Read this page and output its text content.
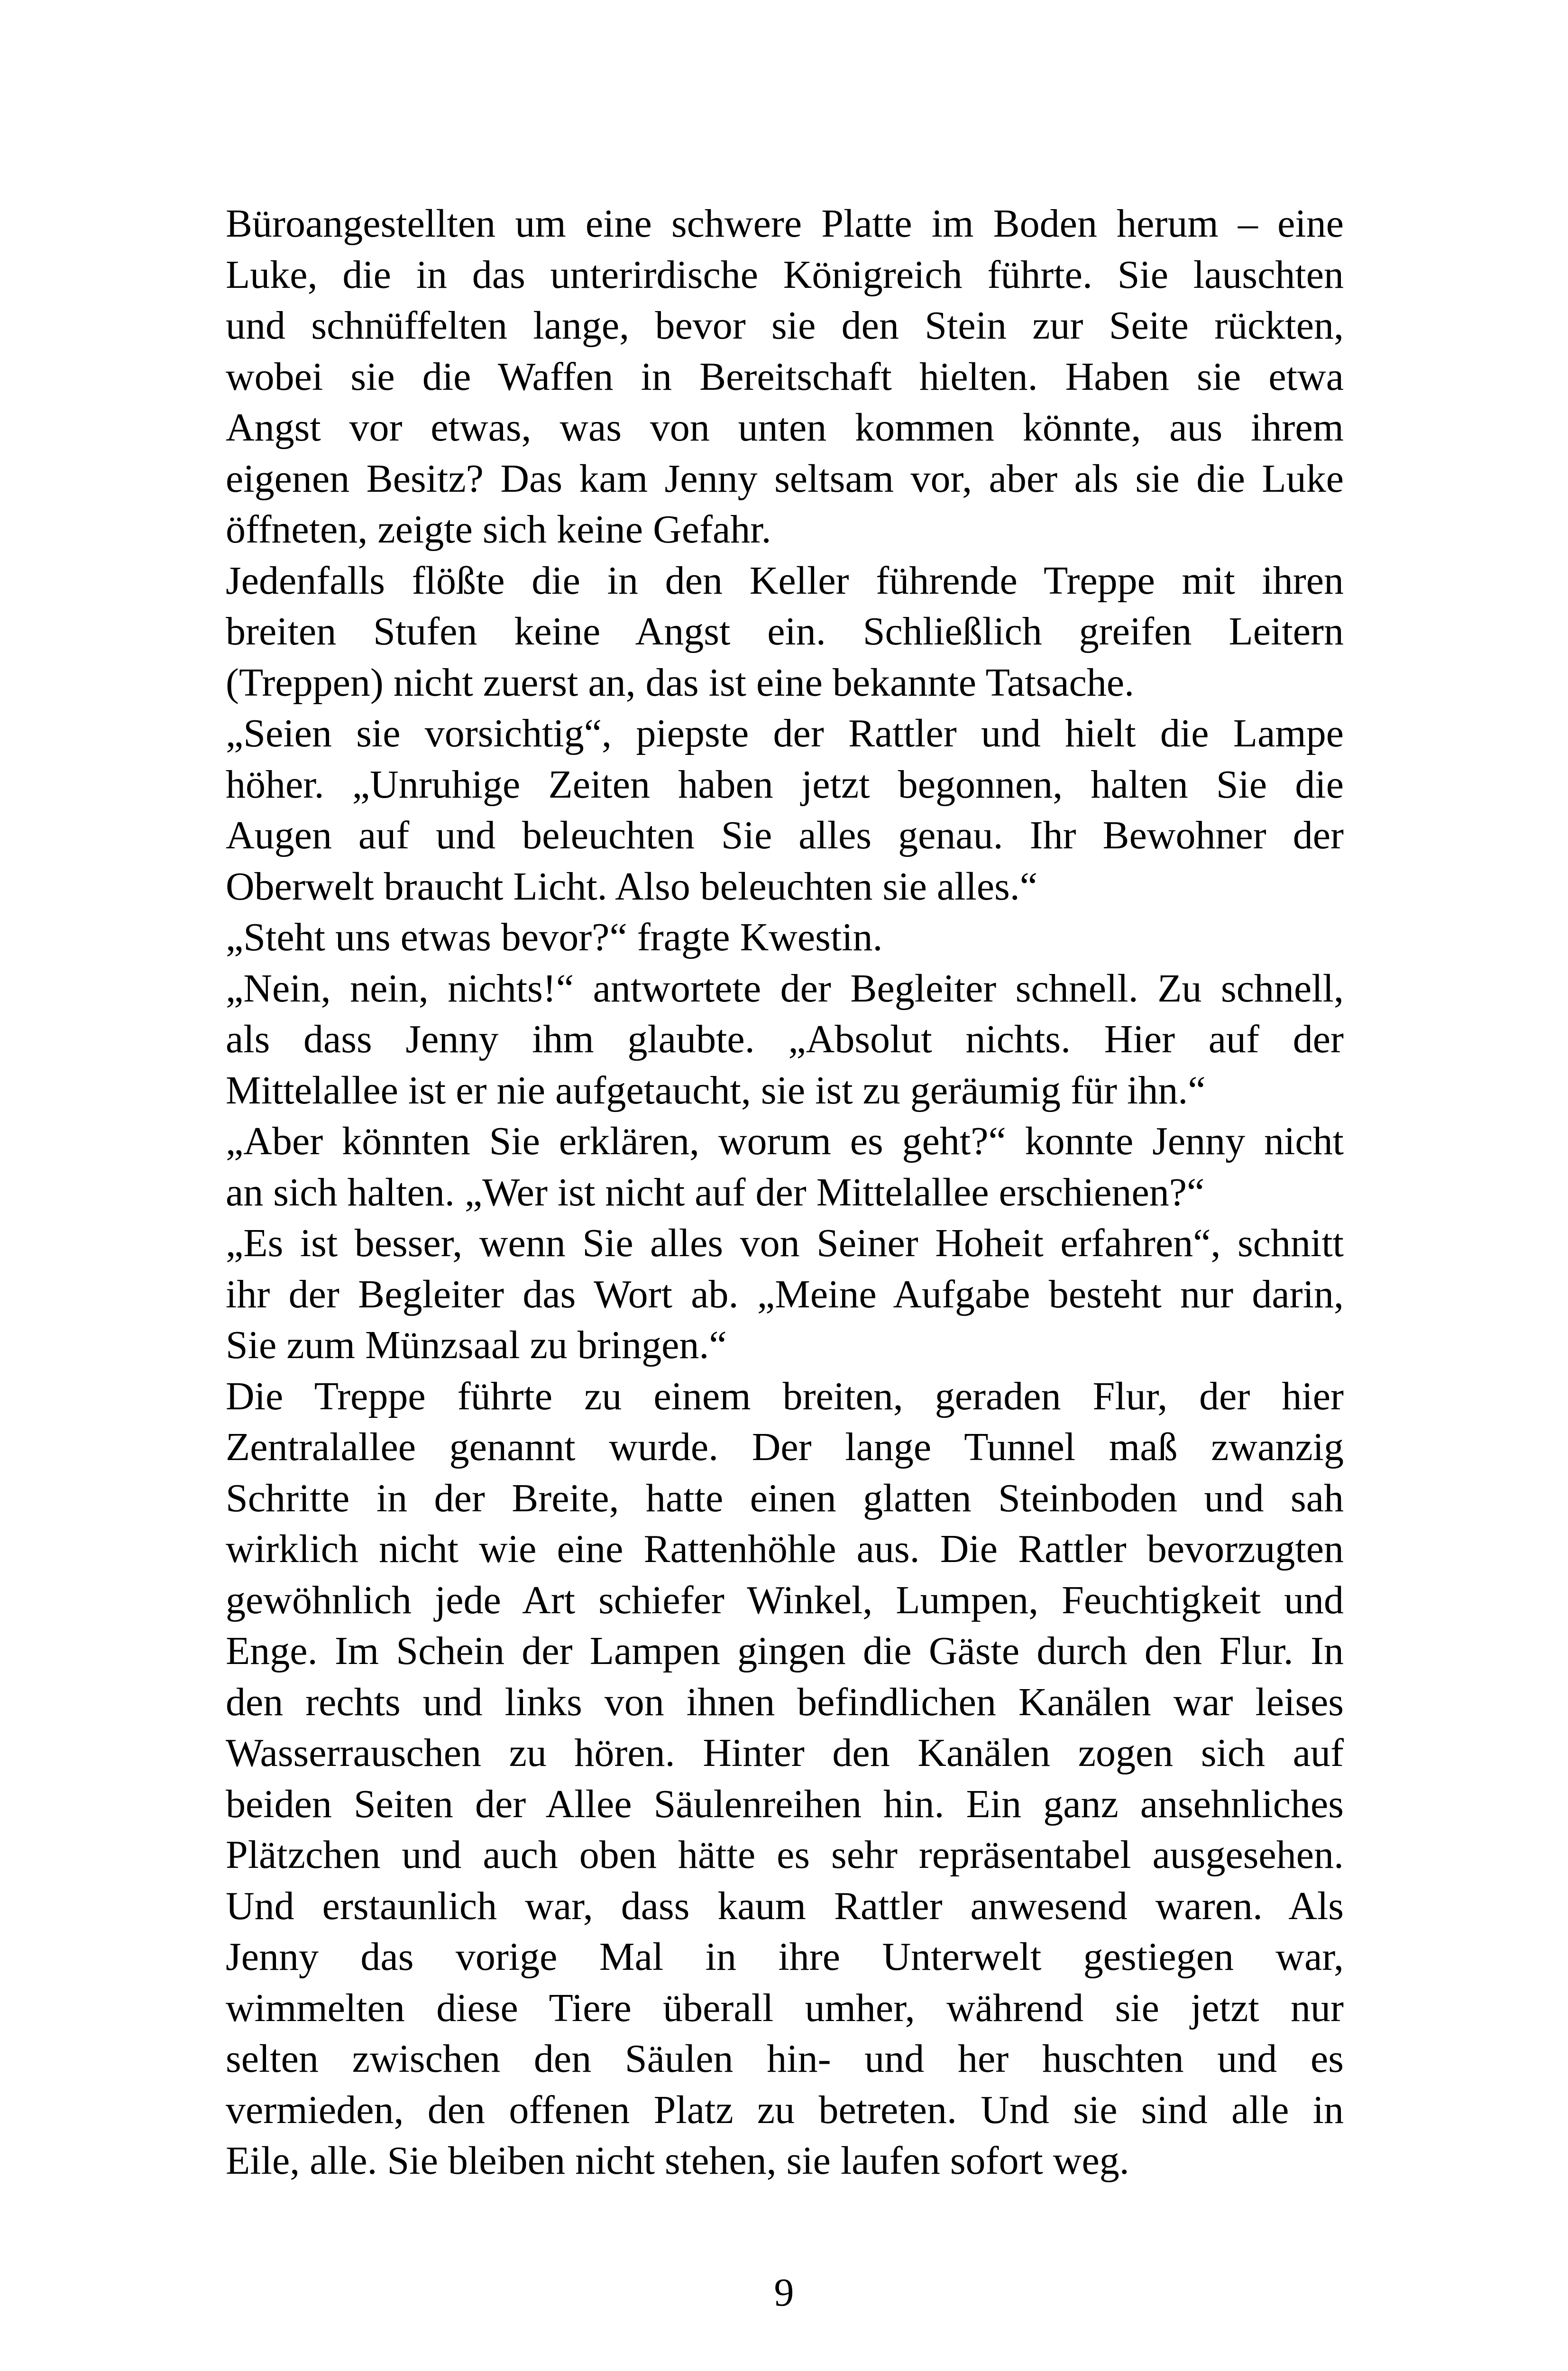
Büroangestellten um eine schwere Platte im Boden herum – eine
Luke, die in das unterirdische Königreich führte. Sie lauschten
und schnüffelten lange, bevor sie den Stein zur Seite rückten,
wobei sie die Waffen in Bereitschaft hielten. Haben sie etwa
Angst vor etwas, was von unten kommen könnte, aus ihrem
eigenen Besitz? Das kam Jenny seltsam vor, aber als sie die Luke
öffneten, zeigte sich keine Gefahr.
Jedenfalls flößte die in den Keller führende Treppe mit ihren
breiten Stufen keine Angst ein. Schließlich greifen Leitern
(Treppen) nicht zuerst an, das ist eine bekannte Tatsache.
„Seien sie vorsichtig“, piepste der Rattler und hielt die Lampe
höher. „Unruhige Zeiten haben jetzt begonnen, halten Sie die
Augen auf und beleuchten Sie alles genau. Ihr Bewohner der
Oberwelt braucht Licht. Also beleuchten sie alles.“
„Steht uns etwas bevor?“ fragte Kwestin.
„Nein, nein, nichts!“ antwortete der Begleiter schnell. Zu schnell,
als dass Jenny ihm glaubte. „Absolut nichts. Hier auf der
Mittelallee ist er nie aufgetaucht, sie ist zu geräumig für ihn.“
„Aber könnten Sie erklären, worum es geht?“ konnte Jenny nicht
an sich halten. „Wer ist nicht auf der Mittelallee erschienen?“
„Es ist besser, wenn Sie alles von Seiner Hoheit erfahren“, schnitt
ihr der Begleiter das Wort ab. „Meine Aufgabe besteht nur darin,
Sie zum Münzsaal zu bringen.“
Die Treppe führte zu einem breiten, geraden Flur, der hier
Zentralallee genannt wurde. Der lange Tunnel maß zwanzig
Schritte in der Breite, hatte einen glatten Steinboden und sah
wirklich nicht wie eine Rattenhöhle aus. Die Rattler bevorzugten
gewöhnlich jede Art schiefer Winkel, Lumpen, Feuchtigkeit und
Enge. Im Schein der Lampen gingen die Gäste durch den Flur. In
den rechts und links von ihnen befindlichen Kanälen war leises
Wasserrauschen zu hören. Hinter den Kanälen zogen sich auf
beiden Seiten der Allee Säulenreihen hin. Ein ganz ansehnliches
Plätzchen und auch oben hätte es sehr repräsentabel ausgesehen.
Und erstaunlich war, dass kaum Rattler anwesend waren. Als
Jenny das vorige Mal in ihre Unterwelt gestiegen war,
wimmelten diese Tiere überall umher, während sie jetzt nur
selten zwischen den Säulen hin- und her huschten und es
vermieden, den offenen Platz zu betreten. Und sie sind alle in
Eile, alle. Sie bleiben nicht stehen, sie laufen sofort weg.
9
